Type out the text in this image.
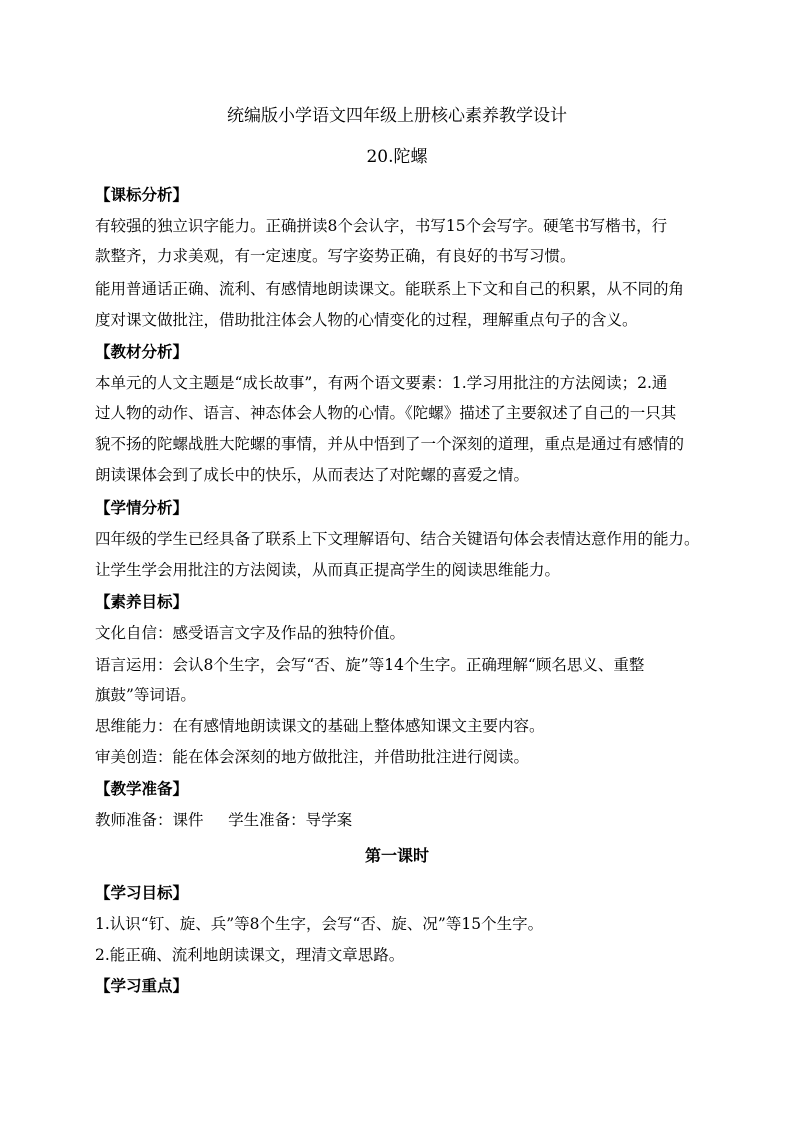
统编版小学语文四年级上册核心素养教学设计
20.陀螺
【课标分析】
有较强的独立识字能力。正确拼读8个会认字，书写15个会写字。硬笔书写楷书，行
款整齐，力求美观，有一定速度。写字姿势正确，有良好的书写习惯。
能用普通话正确、流利、有感情地朗读课文。能联系上下文和自己的积累，从不同的角
度对课文做批注，借助批注体会人物的心情变化的过程，理解重点句子的含义。
【教材分析】
本单元的人文主题是“成长故事”，有两个语文要素：1.学习用批注的方法阅读；2.通
过人物的动作、语言、神态体会人物的心情。《陀螺》描述了主要叙述了自己的一只其
貌不扬的陀螺战胜大陀螺的事情，并从中悟到了一个深刻的道理，重点是通过有感情的
朗读课体会到了成长中的快乐，从而表达了对陀螺的喜爱之情。
【学情分析】
四年级的学生已经具备了联系上下文理解语句、结合关键语句体会表情达意作用的能力。
让学生学会用批注的方法阅读，从而真正提高学生的阅读思维能力。
【素养目标】
文化自信：感受语言文字及作品的独特价值。
语言运用：会认8个生字，会写“否、旋”等14个生字。正确理解“顾名思义、重整
旗鼓”等词语。
思维能力：在有感情地朗读课文的基础上整体感知课文主要内容。
审美创造：能在体会深刻的地方做批注，并借助批注进行阅读。
【教学准备】
教师准备：课件     学生准备：导学案
第一课时
【学习目标】
1.认识“钉、旋、兵”等8个生字，会写“否、旋、况”等15个生字。
2.能正确、流利地朗读课文，理清文章思路。
【学习重点】
